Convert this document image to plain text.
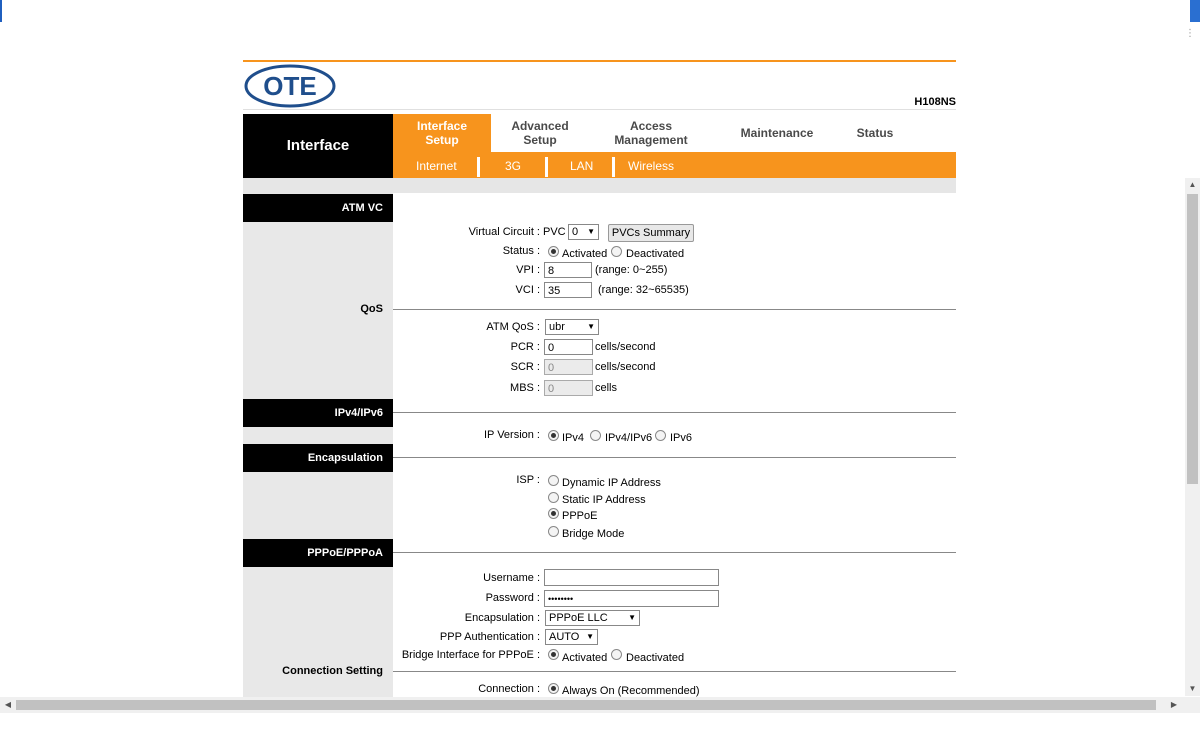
⋮
OTE
H108NS
Interface
Interface Setup
Advanced Setup
Access Management	Maintenance	Status
Internet	3G	LAN	Wireless
ATM VC
Virtual Circuit : PVC 0 ▼	PVCs Summary
Status : Activated Deactivated
VPI : 8	(range: 0~255)
VCI : 35	(range: 32~65535)
QoS
ATM QoS : ubr	▼
PCR : 0	cells/second
SCR : 0	cells/second
MBS : 0	cells
IPv4/IPv6
IP Version : IPv4 IPv4/IPv6 IPv6
Encapsulation
ISP : Dynamic IP Address
Static IP Address
PPPoE
Bridge Mode
PPPoE/PPPoA
Username :
Password : ••••••••
Encapsulation : PPPoE LLC	▼
PPP Authentication : AUTO ▼
Bridge Interface for PPPoE : Activated Deactivated
Connection Setting
Connection : Always On (Recommended)
▲
▼
◀	▶
